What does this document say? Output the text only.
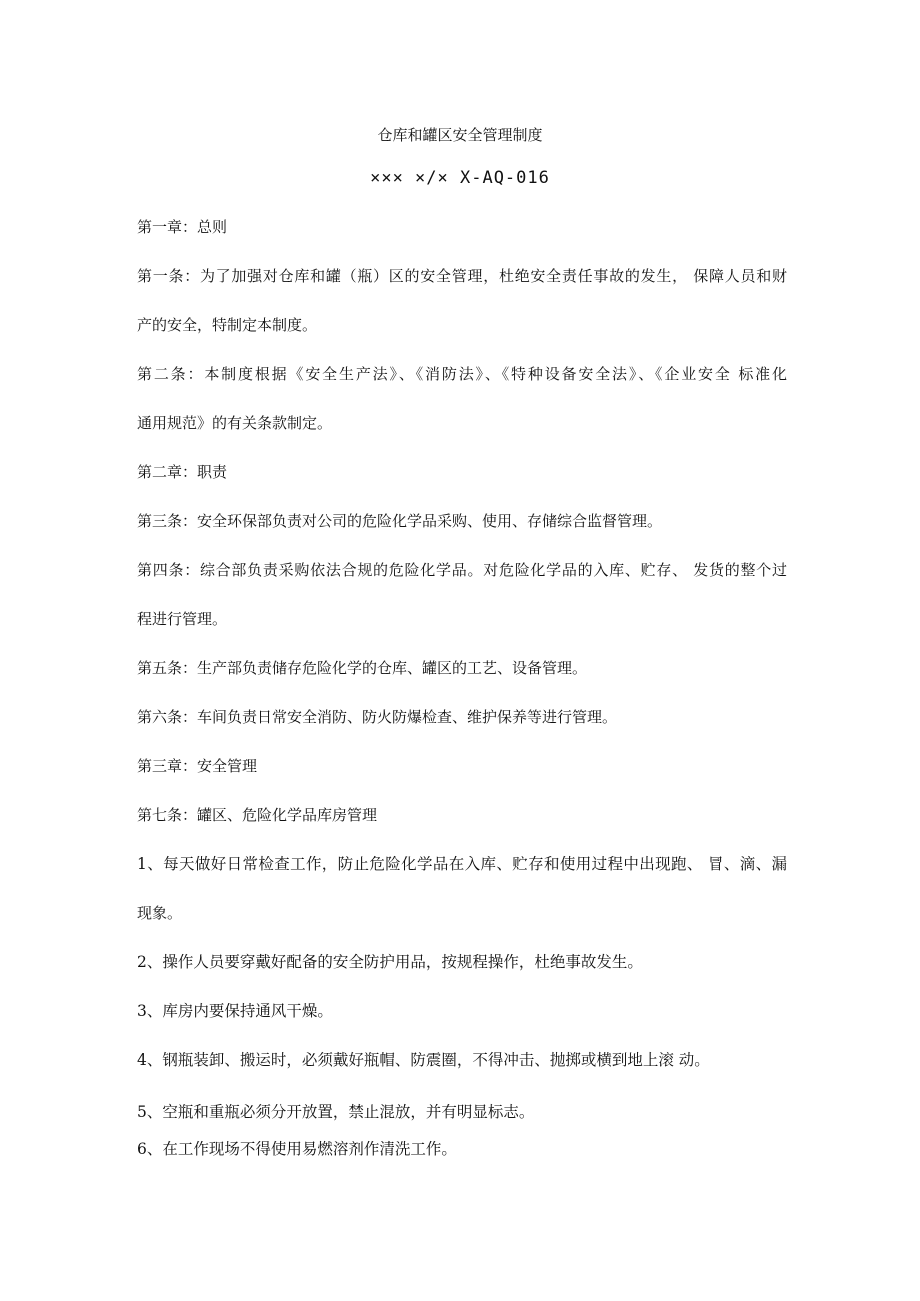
仓库和罐区安全管理制度
××× ×/× X-AQ-016
第一章：总则
第一条：为了加强对仓库和罐（瓶）区的安全管理，杜绝安全责任事故的发生， 保障人员和财
产的安全，特制定本制度。
第二条：本制度根据《安全生产法》、《消防法》、《特种设备安全法》、《企业安全 标准化
通用规范》的有关条款制定。
第二章：职责
第三条：安全环保部负责对公司的危险化学品采购、使用、存储综合监督管理。
第四条：综合部负责采购依法合规的危险化学品。对危险化学品的入库、贮存、 发货的整个过
程进行管理。
第五条：生产部负责储存危险化学的仓库、罐区的工艺、设备管理。
第六条：车间负责日常安全消防、防火防爆检查、维护保养等进行管理。
第三章：安全管理
第七条：罐区、危险化学品库房管理
1、每天做好日常检查工作，防止危险化学品在入库、贮存和使用过程中出现跑、 冒、滴、漏
现象。
2、操作人员要穿戴好配备的安全防护用品，按规程操作，杜绝事故发生。
3、库房内要保持通风干燥。
4、钢瓶装卸、搬运时，必须戴好瓶帽、防震圈，不得冲击、抛掷或横到地上滚 动。
5、空瓶和重瓶必须分开放置，禁止混放，并有明显标志。
6、在工作现场不得使用易燃溶剂作清洗工作。
